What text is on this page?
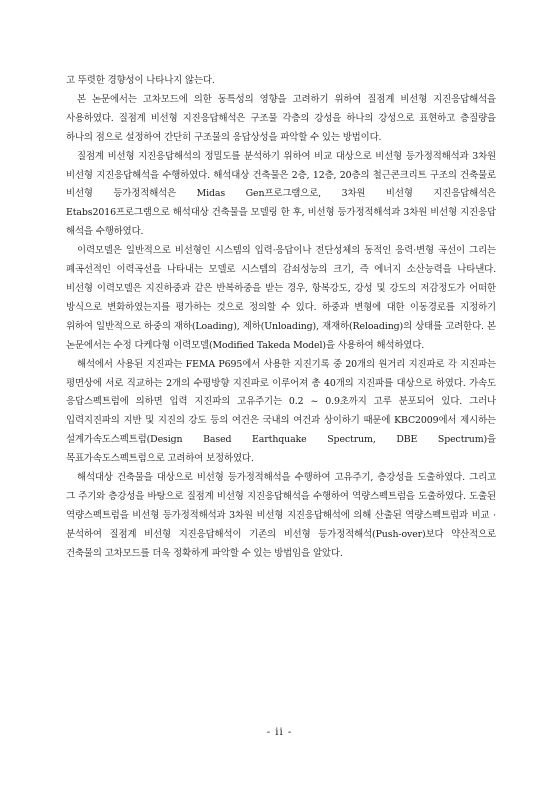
고 뚜렷한 경향성이 나타나지 않는다.

본 논문에서는 고차모드에 의한 동특성의 영향을 고려하기 위하여 질점계 비선형 지진응답해석을 사용하였다. 질점계 비선형 지진응답해석은 구조물 각층의 강성을 하나의 강성으로 표현하고 층질량을 하나의 점으로 설정하여 간단히 구조물의 응답상성을 파악할 수 있는 방법이다.

질점계 비선형 지진응답해석의 정밀도를 분석하기 위하여 비교 대상으로 비선형 등가정적해석과 3차원 비선형 지진응답해석을 수행하였다. 해석대상 건축물은 2층, 12층, 20층의 철근콘크리트 구조의 건축물로 비선형 등가정적해석은 Midas Gen프로그램으로, 3차원 비선형 지진응답해석은 Etabs2016프로그램으로 해석대상 건축물을 모델링 한 후, 비선형 등가정적해석과 3차원 비선형 지진응답 해석을 수행하였다.

이력모델은 일반적으로 비선형인 시스템의 입력·응답이나 전단성체의 동적인 응력·변형 곡선이 그리는 폐곡선적인 이력곡선을 나타내는 모델로 시스템의 감쇠성능의 크기, 즉 에너지 소산능력을 나타낸다. 비선형 이력모델은 지진하중과 같은 반복하중을 받는 경우, 항복강도, 강성 및 강도의 저감정도가 어떠한 방식으로 변화하였는지를 평가하는 것으로 정의할 수 있다. 하중과 변형에 대한 이동경로를 지정하기 위하여 일반적으로 하중의 재하(Loading), 제하(Unloading), 재재하(Reloading)의 상태를 고려한다. 본 논문에서는 수정 다케다형 이력모델(Modified Takeda Model)을 사용하여 해석하였다.

해석에서 사용된 지진파는 FEMA P695에서 사용한 지진기록 중 20개의 원거리 지진파로 각 지진파는 평면상에 서로 직교하는 2개의 수평방향 지진파로 이루어져 총 40개의 지진파를 대상으로 하였다. 가속도 응답스펙트럼에 의하면 입력 지진파의 고유주기는 0.2 ~ 0.9초까지 고루 분포되어 있다. 그러나 입력지진파의 지반 및 지진의 강도 등의 여건은 국내의 여건과 상이하기 때문에 KBC2009에서 제시하는 설계가속도스펙트럼(Design Based Earthquake Spectrum, DBE Spectrum)을 목표가속도스펙트럼으로 고려하여 보정하였다.

해석대상 건축물을 대상으로 비선형 등가정적해석을 수행하여 고유주기, 층강성을 도출하였다. 그리고 그 주기와 층강성을 바탕으로 질점계 비선형 지진응답해석을 수행하여 역량스펙트럼을 도출하였다. 도출된 역량스펙트럼을 비선형 등가정적해석과 3차원 비선형 지진응답해석에 의해 산출된 역량스펙트럼과 비교 · 분석하여 질점계 비선형 지진응답해석이 기존의 비선형 등가정적해석(Push-over)보다 약산적으로 건축물의 고차모드를 더욱 정확하게 파악할 수 있는 방법임을 알았다.

- ii -
